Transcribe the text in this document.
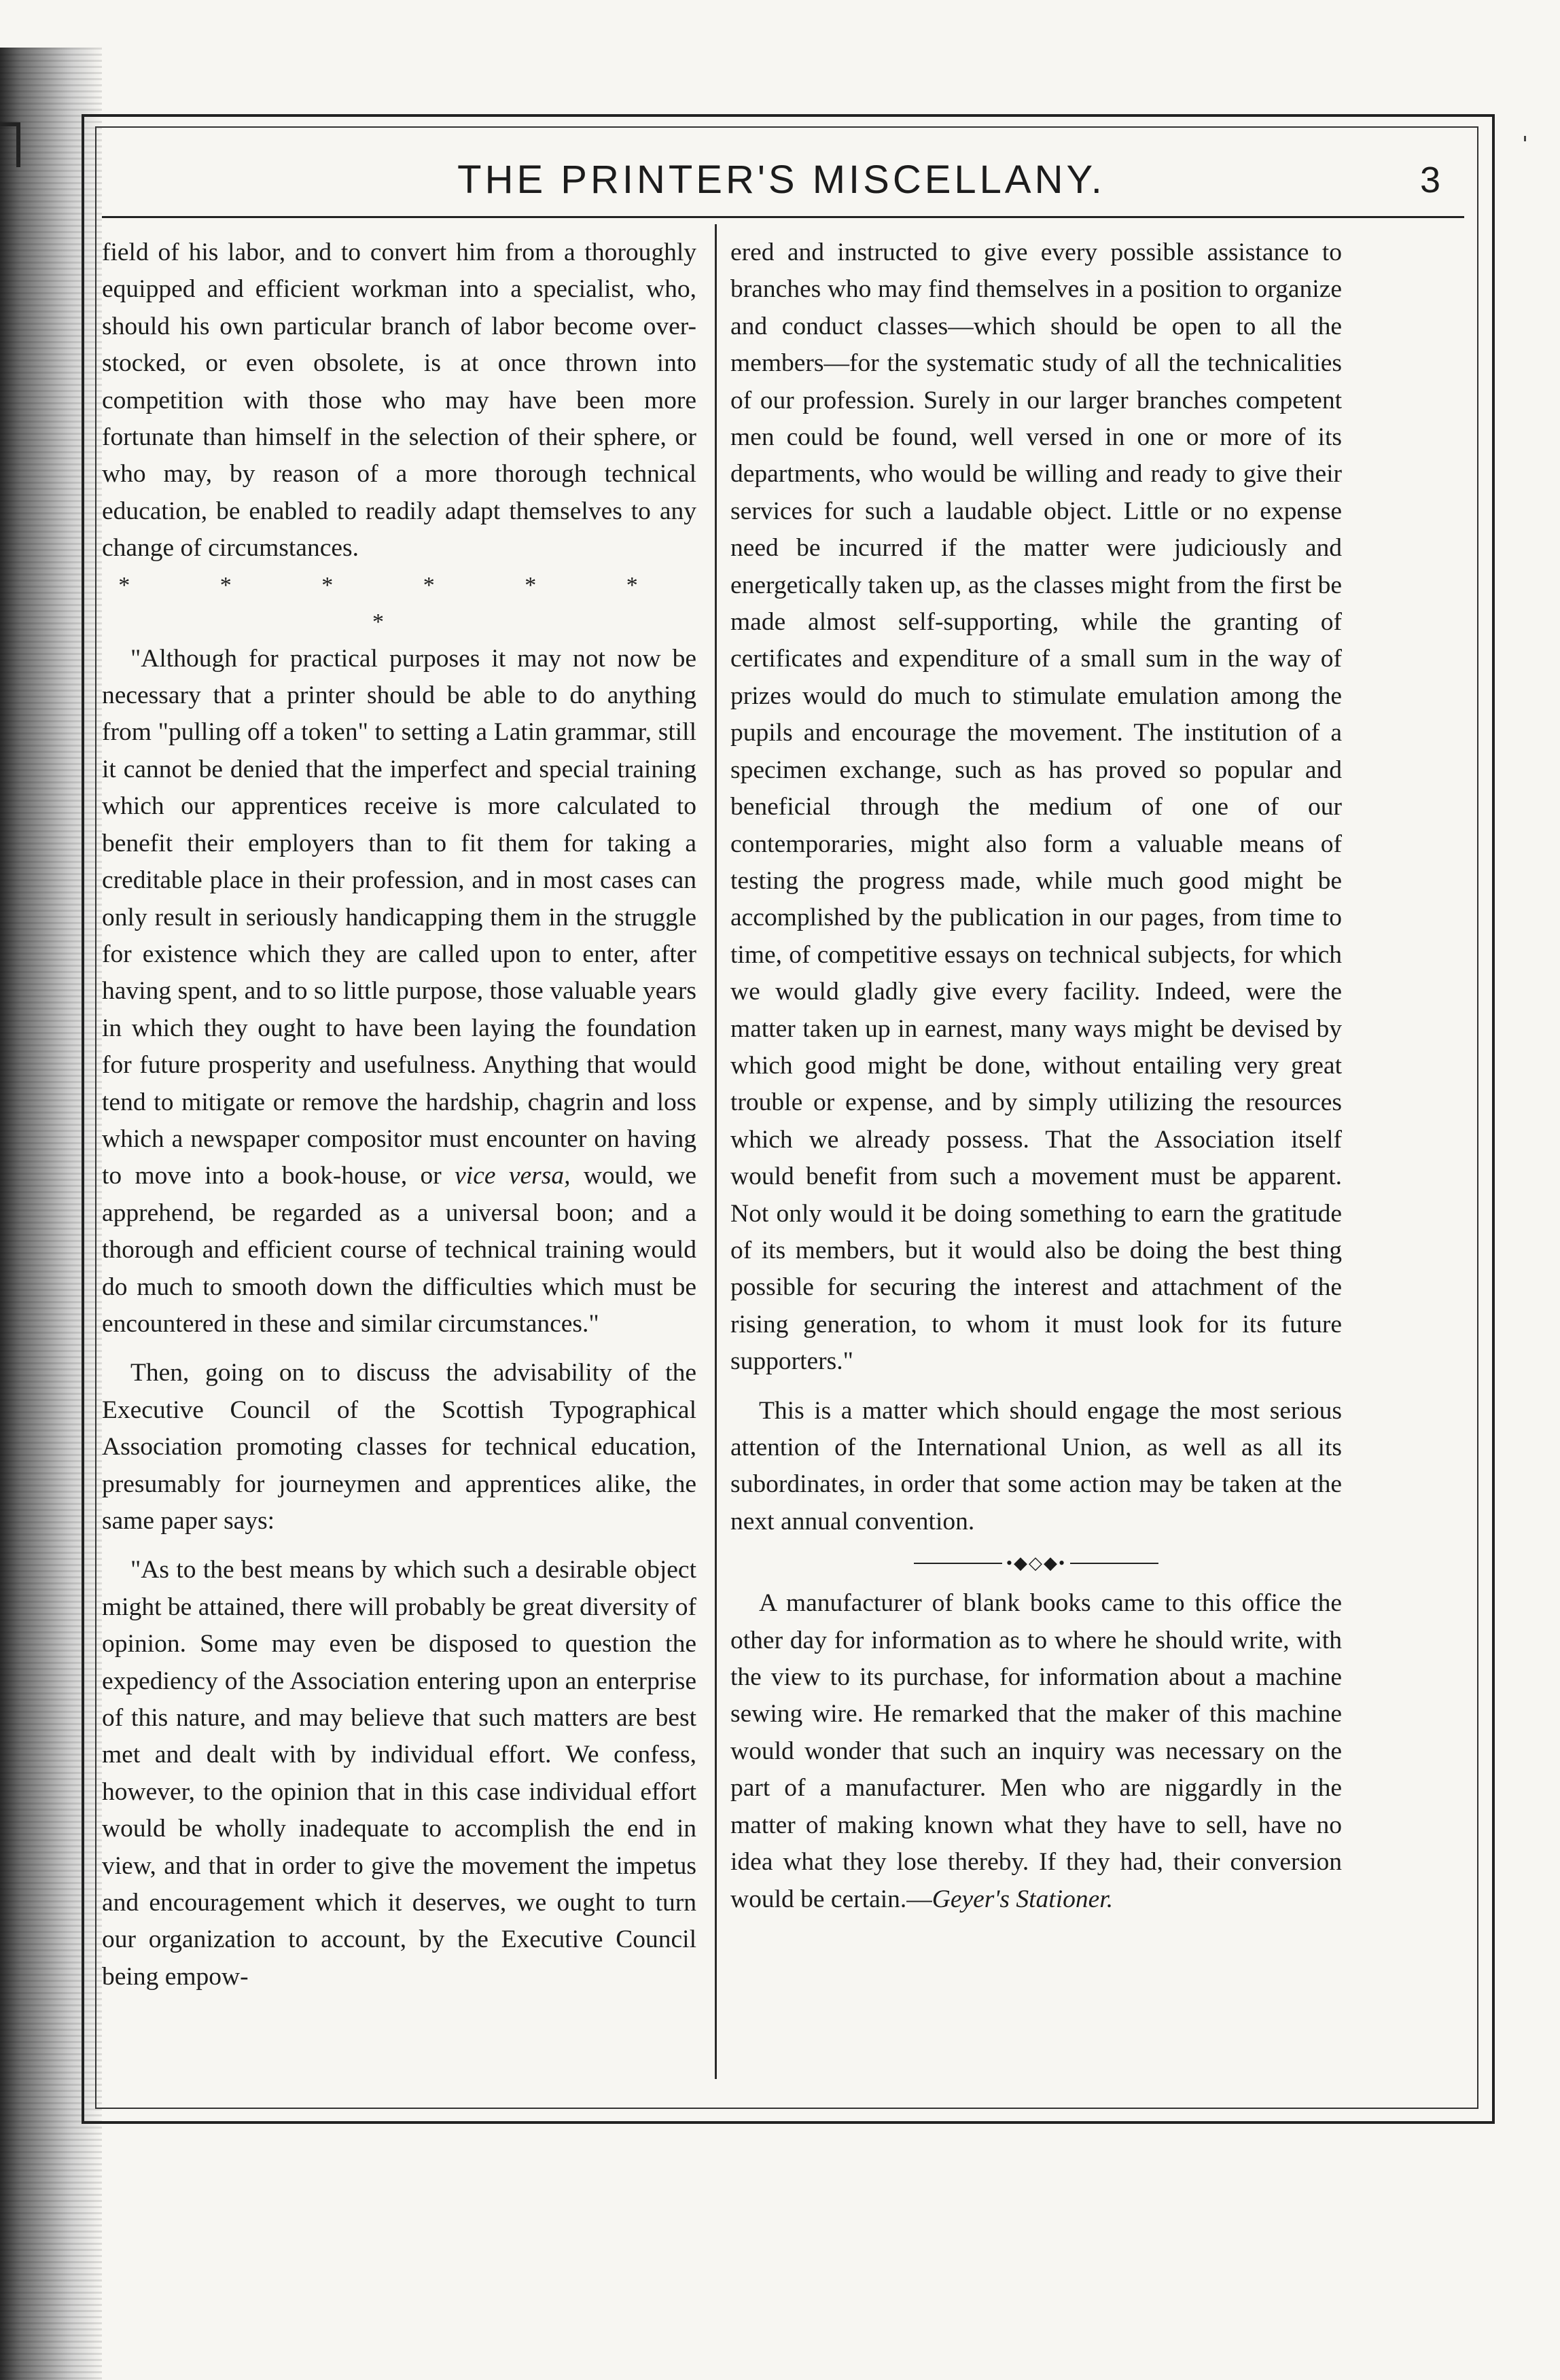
THE PRINTER'S MISCELLANY.	3

field of his labor, and to convert him from a thoroughly equipped and efficient workman into a specialist, who, should his own particular branch of labor become over-stocked, or even obsolete, is at once thrown into competition with those who may have been more fortunate than himself in the selection of their sphere, or who may, by reason of a more thorough technical education, be enabled to readily adapt themselves to any change of circumstances.

* * * * * * *

"Although for practical purposes it may not now be necessary that a printer should be able to do anything from "pulling off a token" to setting a Latin grammar, still it cannot be denied that the imperfect and special training which our apprentices receive is more calculated to benefit their employers than to fit them for taking a creditable place in their profession, and in most cases can only result in seriously handicapping them in the struggle for existence which they are called upon to enter, after having spent, and to so little purpose, those valuable years in which they ought to have been laying the foundation for future prosperity and usefulness. Anything that would tend to mitigate or remove the hardship, chagrin and loss which a newspaper compositor must encounter on having to move into a book-house, or vice versa, would, we apprehend, be regarded as a universal boon; and a thorough and efficient course of technical training would do much to smooth down the difficulties which must be encountered in these and similar circumstances."

Then, going on to discuss the advisability of the Executive Council of the Scottish Typographical Association promoting classes for technical education, presumably for journeymen and apprentices alike, the same paper says:

"As to the best means by which such a desirable object might be attained, there will probably be great diversity of opinion. Some may even be disposed to question the expediency of the Association entering upon an enterprise of this nature, and may believe that such matters are best met and dealt with by individual effort. We confess, however, to the opinion that in this case individual effort would be wholly inadequate to accomplish the end in view, and that in order to give the movement the impetus and encouragement which it deserves, we ought to turn our organization to account, by the Executive Council being empow-

ered and instructed to give every possible assistance to branches who may find themselves in a position to organize and conduct classes—which should be open to all the members—for the systematic study of all the technicalities of our profession. Surely in our larger branches competent men could be found, well versed in one or more of its departments, who would be willing and ready to give their services for such a laudable object. Little or no expense need be incurred if the matter were judiciously and energetically taken up, as the classes might from the first be made almost self-supporting, while the granting of certificates and expenditure of a small sum in the way of prizes would do much to stimulate emulation among the pupils and encourage the movement. The institution of a specimen exchange, such as has proved so popular and beneficial through the medium of one of our contemporaries, might also form a valuable means of testing the progress made, while much good might be accomplished by the publication in our pages, from time to time, of competitive essays on technical subjects, for which we would gladly give every facility. Indeed, were the matter taken up in earnest, many ways might be devised by which good might be done, without entailing very great trouble or expense, and by simply utilizing the resources which we already possess. That the Association itself would benefit from such a movement must be apparent. Not only would it be doing something to earn the gratitude of its members, but it would also be doing the best thing possible for securing the interest and attachment of the rising generation, to whom it must look for its future supporters."

This is a matter which should engage the most serious attention of the International Union, as well as all its subordinates, in order that some action may be taken at the next annual convention.

•◆◇◆•

A manufacturer of blank books came to this office the other day for information as to where he should write, with the view to its purchase, for information about a machine sewing wire. He remarked that the maker of this machine would wonder that such an inquiry was necessary on the part of a manufacturer. Men who are niggardly in the matter of making known what they have to sell, have no idea what they lose thereby. If they had, their conversion would be certain.—Geyer's Stationer.
